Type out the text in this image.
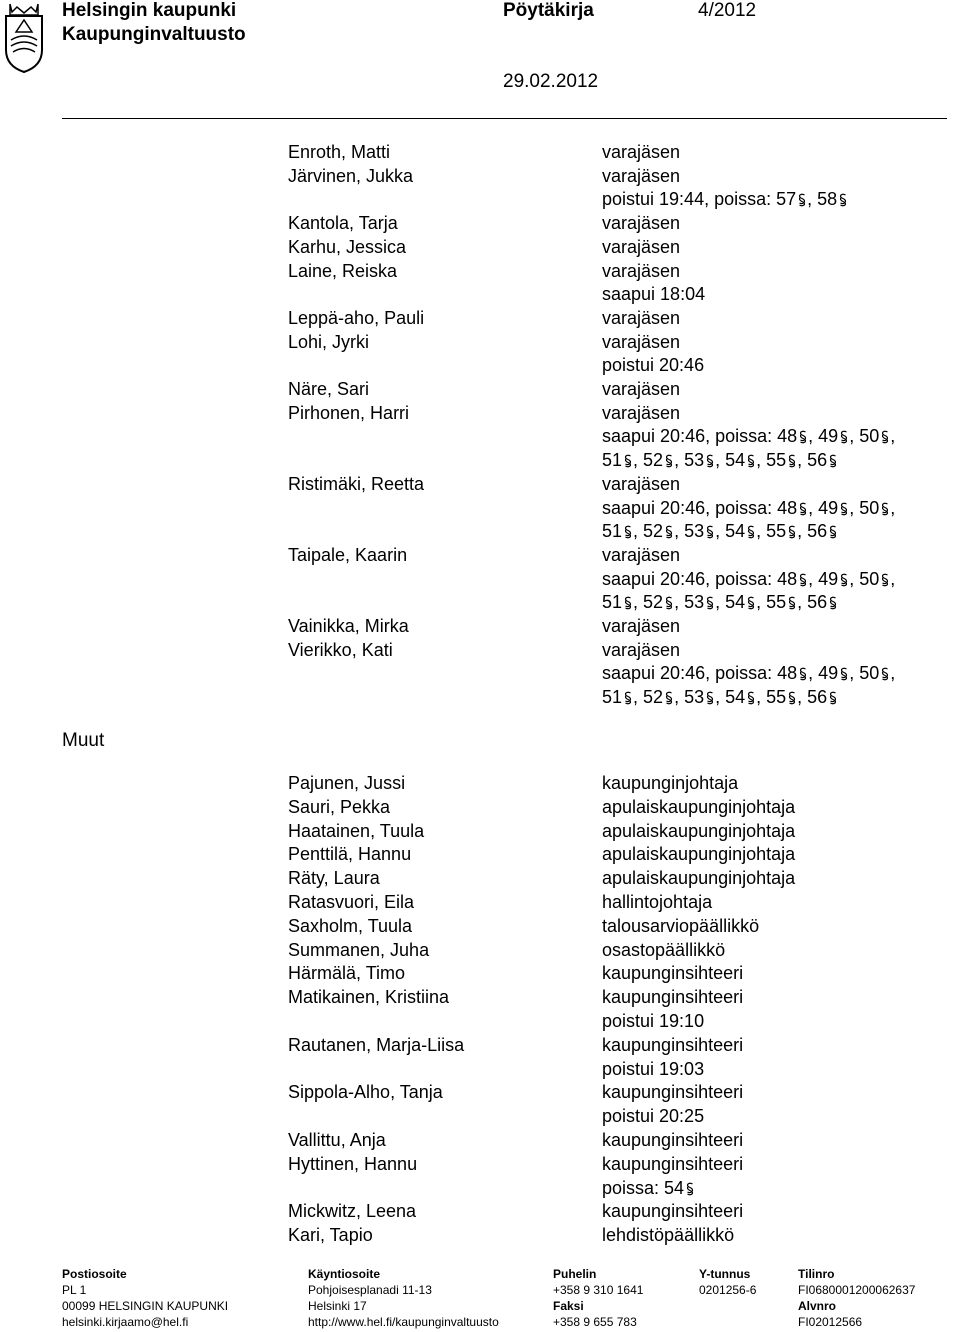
Helsingin kaupunki
Kaupunginvaltuusto
Pöytäkirja	4/2012
29.02.2012
Muut
Enroth, Matti	varajäsen
Järvinen, Jukka	varajäsen
poistui 19:44, poissa: 57 , 58
Kantola, Tarja	varajäsen
Karhu, Jessica	varajäsen
Laine, Reiska	varajäsen
saapui 18:04
Leppä-aho, Pauli	varajäsen
Lohi, Jyrki	varajäsen
poistui 20:46
Näre, Sari	varajäsen
Pirhonen, Harri	varajäsen
saapui 20:46, poissa: 48 , 49 , 50 ,
51 , 52 , 53 , 54 , 55 , 56
Ristimäki, Reetta	varajäsen
saapui 20:46, poissa: 48 , 49 , 50 ,
51 , 52 , 53 , 54 , 55 , 56
Taipale, Kaarin	varajäsen
saapui 20:46, poissa: 48 , 49 , 50 ,
51 , 52 , 53 , 54 , 55 , 56
Vainikka, Mirka	varajäsen
Vierikko, Kati	varajäsen
saapui 20:46, poissa: 48 , 49 , 50 ,
51 , 52 , 53 , 54 , 55 , 56
Pajunen, Jussi	kaupunginjohtaja
Sauri, Pekka	apulaiskaupunginjohtaja
Haatainen, Tuula	apulaiskaupunginjohtaja
Penttilä, Hannu	apulaiskaupunginjohtaja
Räty, Laura	apulaiskaupunginjohtaja
Ratasvuori, Eila	hallintojohtaja
Saxholm, Tuula	talousarviopäällikkö
Summanen, Juha	osastopäällikkö
Härmälä, Timo	kaupunginsihteeri
Matikainen, Kristiina	kaupunginsihteeri
poistui 19:10
Rautanen, Marja-Liisa	kaupunginsihteeri
poistui 19:03
Sippola-Alho, Tanja	kaupunginsihteeri
poistui 20:25
Vallittu, Anja	kaupunginsihteeri
Hyttinen, Hannu	kaupunginsihteeri
poissa: 54
Mickwitz, Leena	kaupunginsihteeri
Kari, Tapio	lehdistöpäällikkö
Postiosoite
PL 1
00099 HELSINGIN KAUPUNKI
helsinki.kirjaamo@hel.fi
Käyntiosoite
Pohjoisesplanadi 11-13
Helsinki 17
http://www.hel.fi/kaupunginvaltuusto
Puhelin
+358 9 310 1641
Faksi
+358 9 655 783
Y-tunnus
0201256-6
Tilinro
FI0680001200062637
Alvnro
FI02012566
